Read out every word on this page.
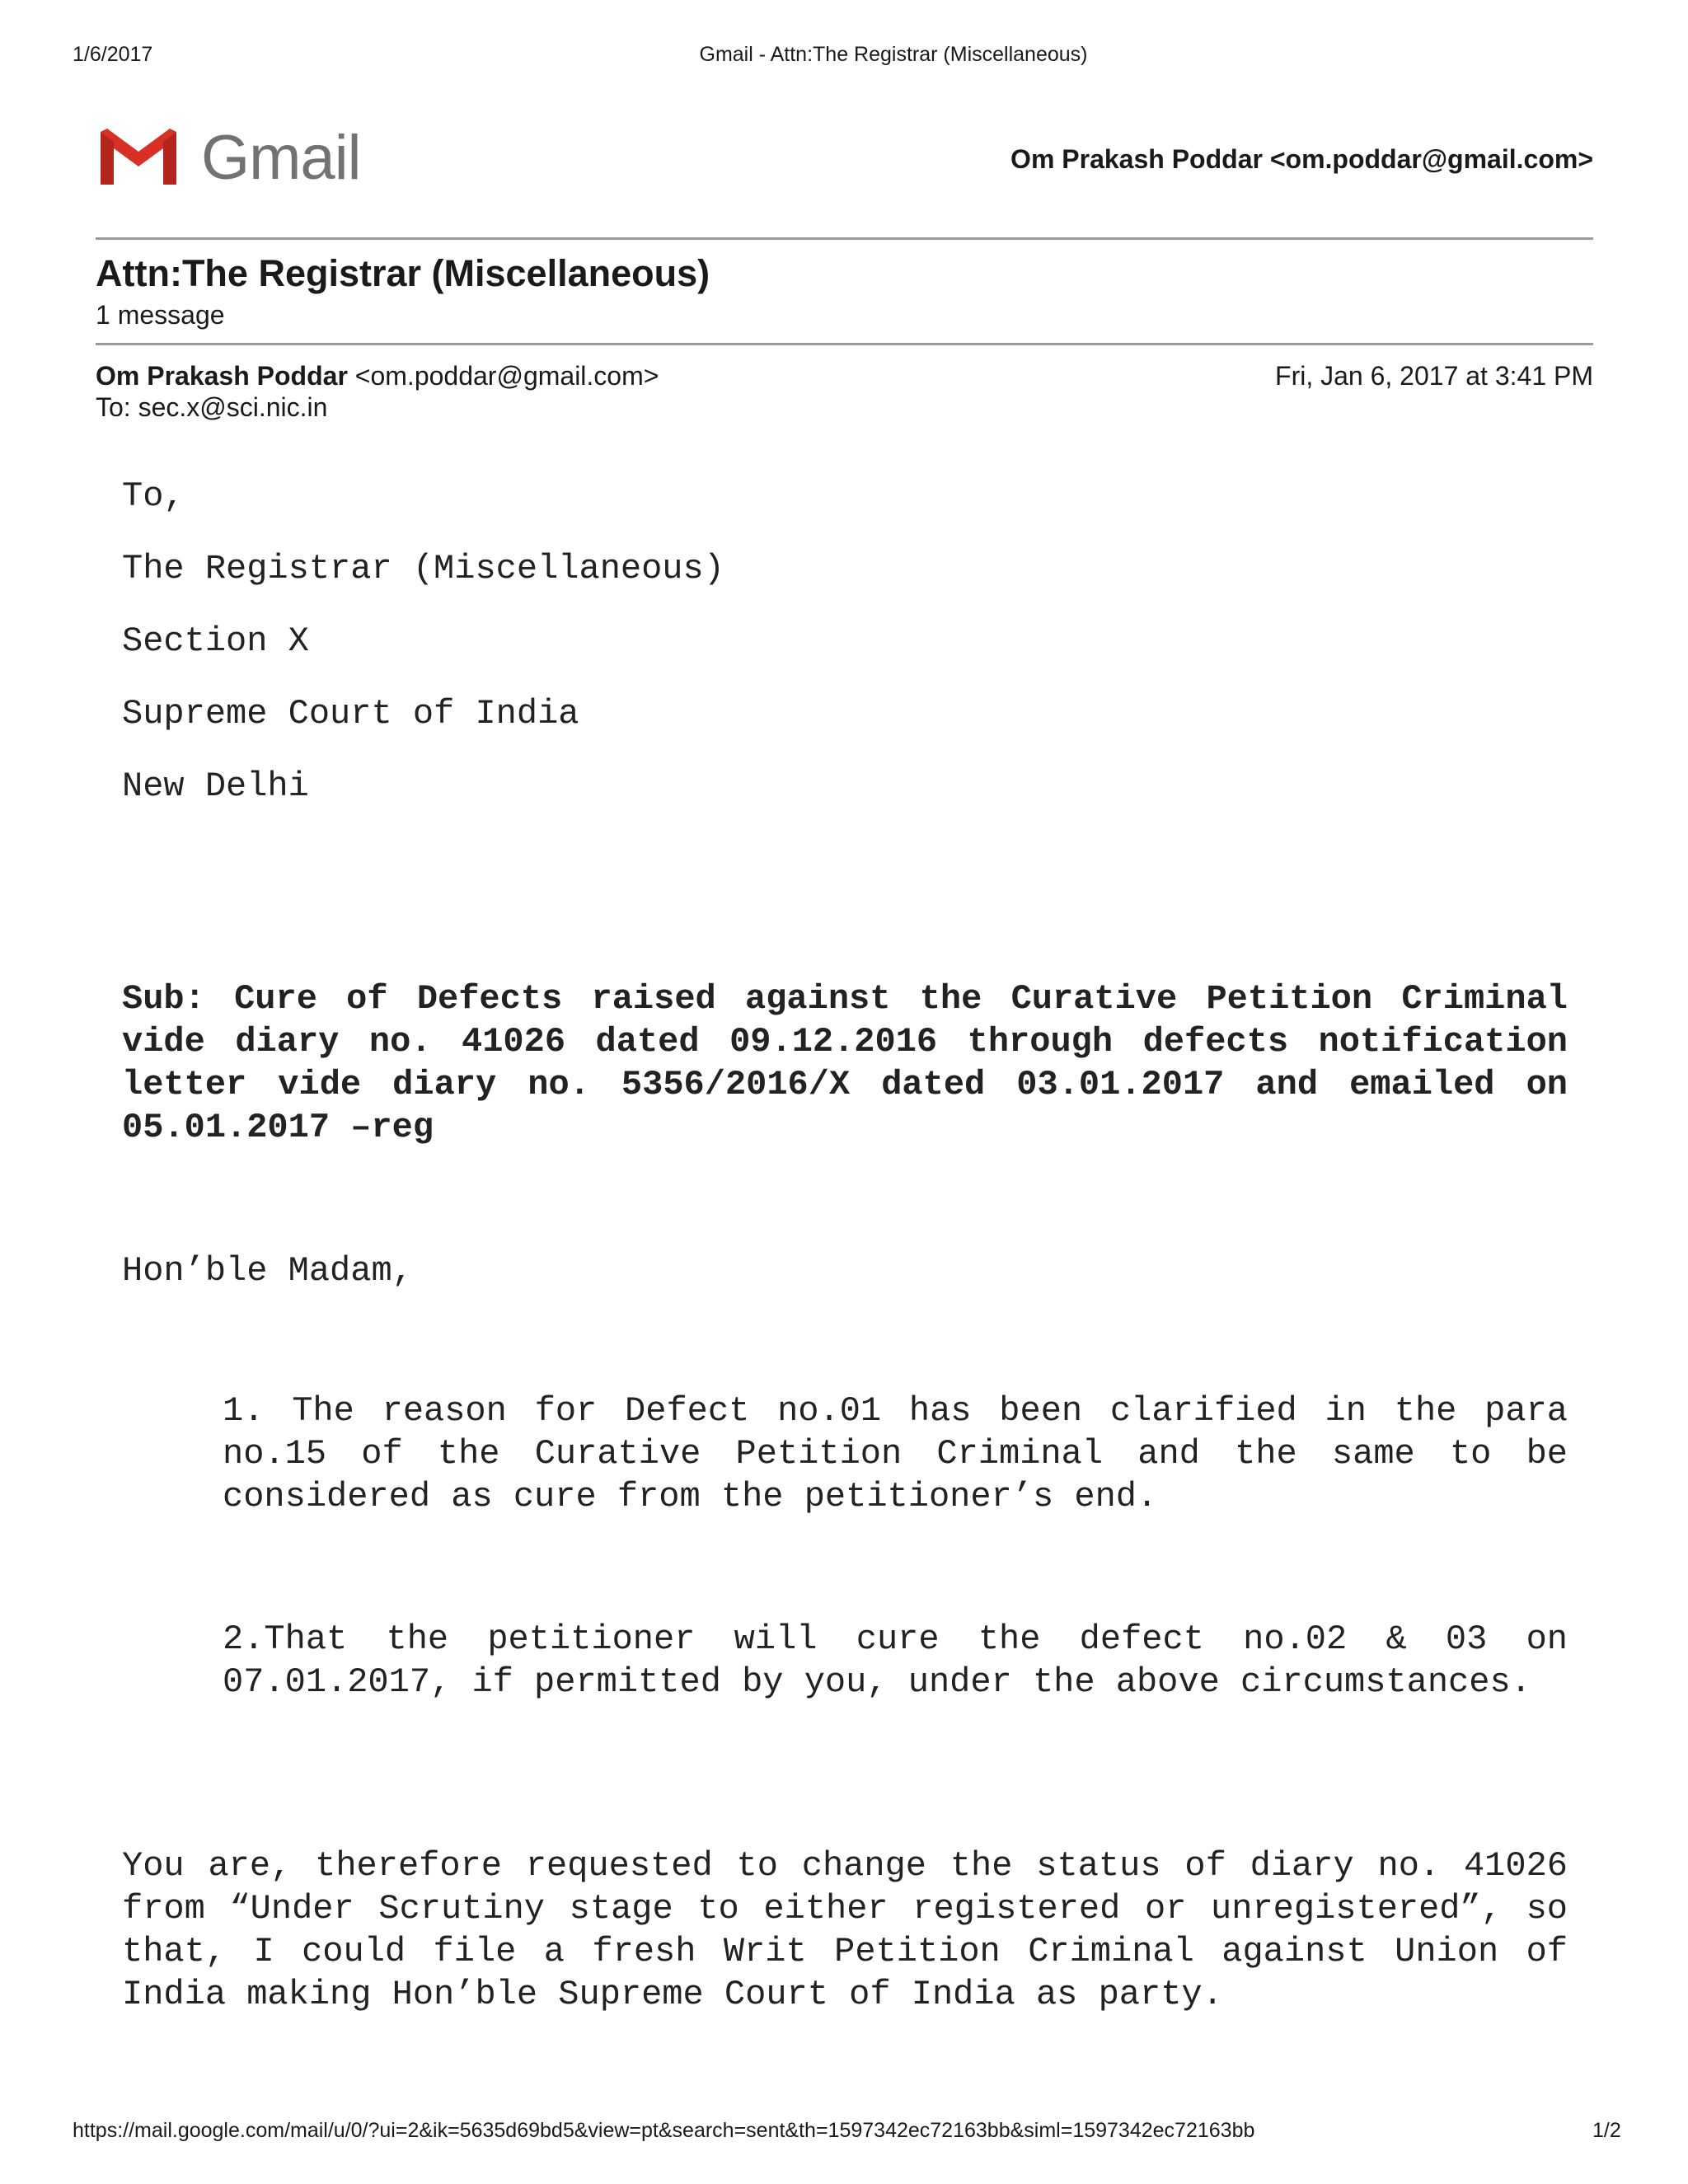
1/6/2017	Gmail - Attn:The Registrar (Miscellaneous)
Gmail	Om Prakash Poddar <om.poddar@gmail.com>
Attn:The Registrar (Miscellaneous)
1 message
Om Prakash Poddar <om.poddar@gmail.com>	Fri, Jan 6, 2017 at 3:41 PM
To: sec.x@sci.nic.in
To,
The Registrar (Miscellaneous)
Section X
Supreme Court of India
New Delhi
Sub: Cure of Defects raised against the Curative Petition Criminal vide diary no. 41026 dated 09.12.2016 through defects notification letter vide diary no. 5356/2016/X dated 03.01.2017 and emailed on 05.01.2017 –reg
Hon’ble Madam,
1. The reason for Defect no.01 has been clarified in the para no.15 of the Curative Petition Criminal and the same to be considered as cure from the petitioner’s end.
2.That the petitioner will cure the defect no.02 & 03 on 07.01.2017, if permitted by you, under the above circumstances.
You are, therefore requested to change the status of diary no. 41026 from “Under Scrutiny stage to either registered or unregistered”, so that, I could file a fresh Writ Petition Criminal against Union of India making Hon’ble Supreme Court of India as party.
https://mail.google.com/mail/u/0/?ui=2&ik=5635d69bd5&view=pt&search=sent&th=1597342ec72163bb&siml=1597342ec72163bb	1/2
